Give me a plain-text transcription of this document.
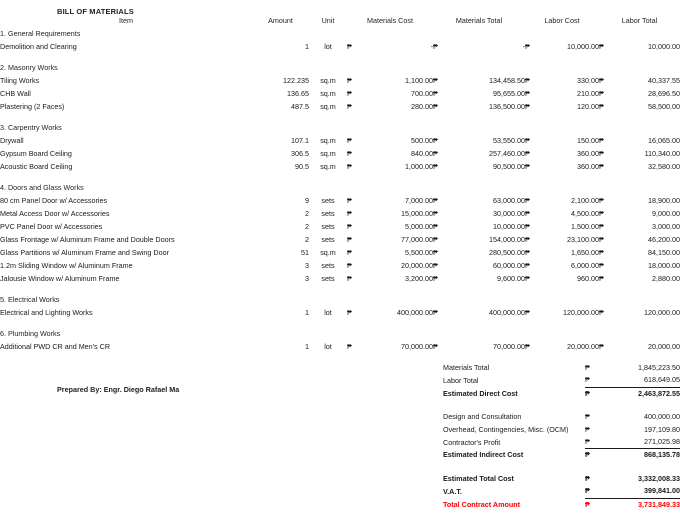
BILL OF MATERIALS
Item	Amount	Unit	Materials Cost		Materials Total		Labor Cost		Labor Total	
1. General Requirements										
Demolition and Clearing	1	lot	₱	-	₱	-	₱	10,000.00	₱	10,000.00

2. Masonry Works										
Tiling Works	122.235	sq.m	₱	1,100.00	₱	134,458.50	₱	330.00	₱	40,337.55
CHB Wall	136.65	sq.m	₱	700.00	₱	95,655.00	₱	210.00	₱	28,696.50
Plastering (2 Faces)	487.5	sq.m	₱	280.00	₱	136,500.00	₱	120.00	₱	58,500.00

3. Carpentry Works										
Drywall	107.1	sq.m	₱	500.00	₱	53,550.00	₱	150.00	₱	16,065.00
Gypsum Board Ceiling	306.5	sq.m	₱	840.00	₱	257,460.00	₱	360.00	₱	110,340.00
Acoustic Board Ceiling	90.5	sq.m	₱	1,000.00	₱	90,500.00	₱	360.00	₱	32,580.00

4. Doors and Glass Works										
80 cm Panel Door w/ Accessories	9	sets	₱	7,000.00	₱	63,000.00	₱	2,100.00	₱	18,900.00
Metal Access Door w/ Accessories	2	sets	₱	15,000.00	₱	30,000.00	₱	4,500.00	₱	9,000.00
PVC Panel Door w/ Accessories	2	sets	₱	5,000.00	₱	10,000.00	₱	1,500.00	₱	3,000.00
Glass Frontage w/ Aluminum Frame and Double Doors	2	sets	₱	77,000.00	₱	154,000.00	₱	23,100.00	₱	46,200.00
Glass Partitions w/ Aluminum Frame and Swing Door	51	sq.m	₱	5,500.00	₱	280,500.00	₱	1,650.00	₱	84,150.00
1.2m Sliding Window w/ Aluminum Frame	3	sets	₱	20,000.00	₱	60,000.00	₱	6,000.00	₱	18,000.00
Jalousie Window w/ Aluminum Frame	3	sets	₱	3,200.00	₱	9,600.00	₱	960.00	₱	2,880.00

5. Electrical Works										
Electrical and Lighting Works	1	lot	₱	400,000.00	₱	400,000.00	₱	120,000.00	₱	120,000.00

6. Plumbing Works										
Additional PWD CR and Men's CR	1	lot	₱	70,000.00	₱	70,000.00	₱	20,000.00	₱	20,000.00
Prepared By: Engr. Diego Rafael Ma
Materials Total	₱	1,845,223.50
Labor Total	₱	618,649.05
Estimated Direct Cost	₱	2,463,872.55
Design and Consultation	₱	400,000.00
Overhead, Contingencies, Misc. (OCM)	₱	197,109.80
Contractor's Profit	₱	271,025.98
Estimated Indirect Cost	₱	868,135.78
Estimated Total Cost	₱	3,332,008.33
V.A.T.	₱	399,841.00
Total Contract Amount	₱	3,731,849.33
